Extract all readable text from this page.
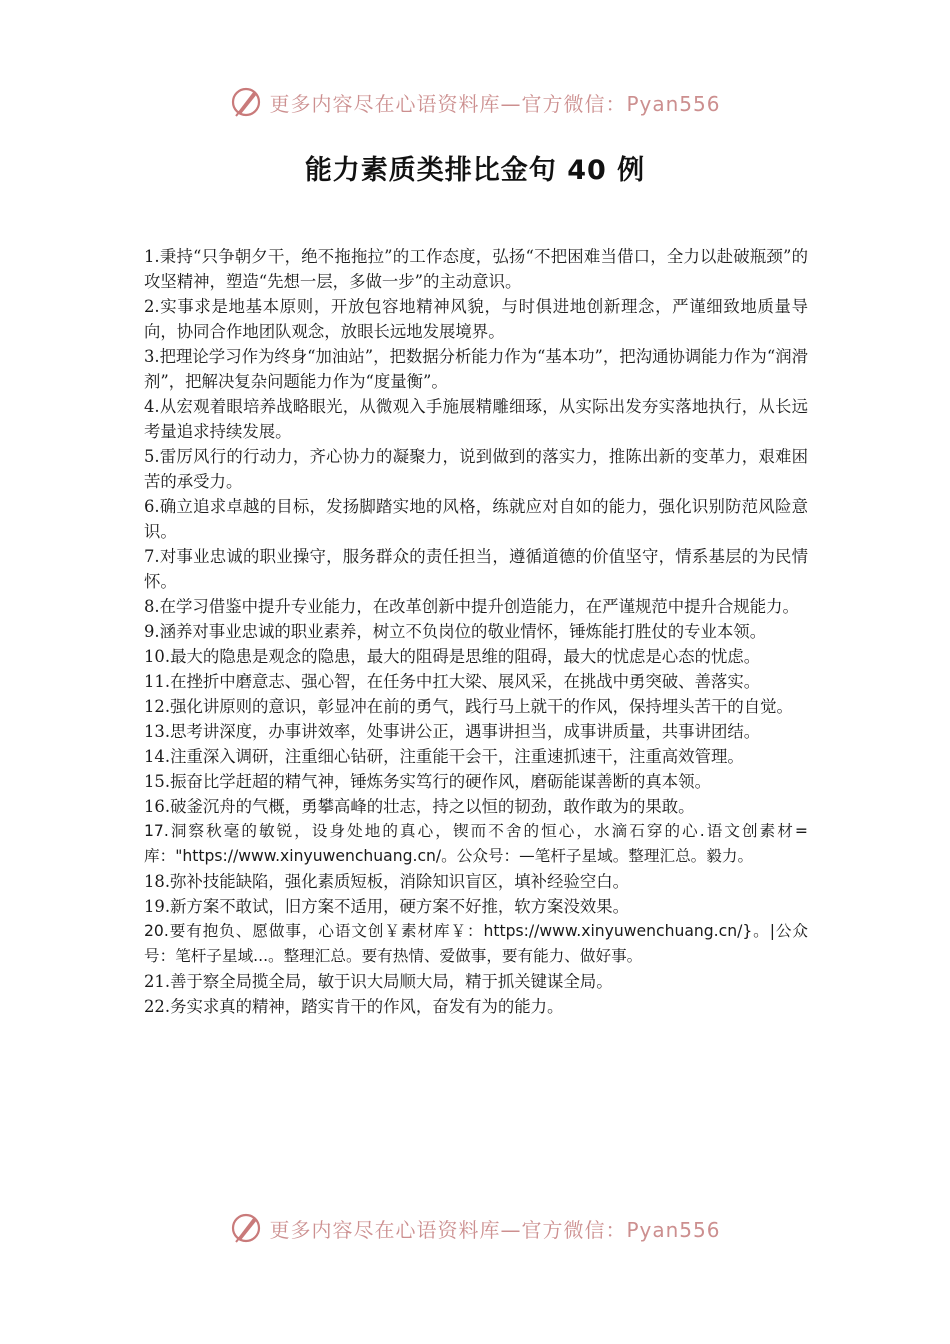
更多内容尽在心语资料库—官方微信：Pyan556
能力素质类排比金句 40 例

1.秉持“只争朝夕干，绝不拖拖拉”的工作态度，弘扬“不把困难当借口，全力以赴破瓶颈”的攻坚精神，塑造“先想一层，多做一步”的主动意识。

2.实事求是地基本原则，开放包容地精神风貌，与时俱进地创新理念，严谨细致地质量导向，协同合作地团队观念，放眼长远地发展境界。

3.把理论学习作为终身“加油站”，把数据分析能力作为“基本功”，把沟通协调能力作为“润滑剂”，把解决复杂问题能力作为“度量衡”。

4.从宏观着眼培养战略眼光，从微观入手施展精雕细琢，从实际出发夯实落地执行，从长远考量追求持续发展。

5.雷厉风行的行动力，齐心协力的凝聚力，说到做到的落实力，推陈出新的变革力，艰难困苦的承受力。

6.确立追求卓越的目标，发扬脚踏实地的风格，练就应对自如的能力，强化识别防范风险意识。

7.对事业忠诚的职业操守，服务群众的责任担当，遵循道德的价值坚守，情系基层的为民情怀。

8.在学习借鉴中提升专业能力，在改革创新中提升创造能力，在严谨规范中提升合规能力。

9.涵养对事业忠诚的职业素养，树立不负岗位的敬业情怀，锤炼能打胜仗的专业本领。

10.最大的隐患是观念的隐患，最大的阻碍是思维的阻碍，最大的忧虑是心态的忧虑。

11.在挫折中磨意志、强心智，在任务中扛大梁、展风采，在挑战中勇突破、善落实。

12.强化讲原则的意识，彰显冲在前的勇气，践行马上就干的作风，保持埋头苦干的自觉。

13.思考讲深度，办事讲效率，处事讲公正，遇事讲担当，成事讲质量，共事讲团结。

14.注重深入调研，注重细心钻研，注重能干会干，注重速抓速干，注重高效管理。

15.振奋比学赶超的精气神，锤炼务实笃行的硬作风，磨砺能谋善断的真本领。

16.破釜沉舟的气概，勇攀高峰的壮志，持之以恒的韧劲，敢作敢为的果敢。

17.洞察秋毫的敏锐，设身处地的真心，锲而不舍的恒心，水滴石穿的心.语文创素材=库："https://www.xinyuwenchuang.cn/。公众号：—笔杆子星域。整理汇总。毅力。

18.弥补技能缺陷，强化素质短板，消除知识盲区，填补经验空白。

19.新方案不敢试，旧方案不适用，硬方案不好推，软方案没效果。

20.要有抱负、愿做事，心语文创￥素材库￥：https://www.xinyuwenchuang.cn/}。|公众号：笔杆子星域...。整理汇总。要有热情、爱做事，要有能力、做好事。

21.善于察全局揽全局，敏于识大局顺大局，精于抓关键谋全局。

22.务实求真的精神，踏实肯干的作风，奋发有为的能力。

更多内容尽在心语资料库—官方微信：Pyan556
